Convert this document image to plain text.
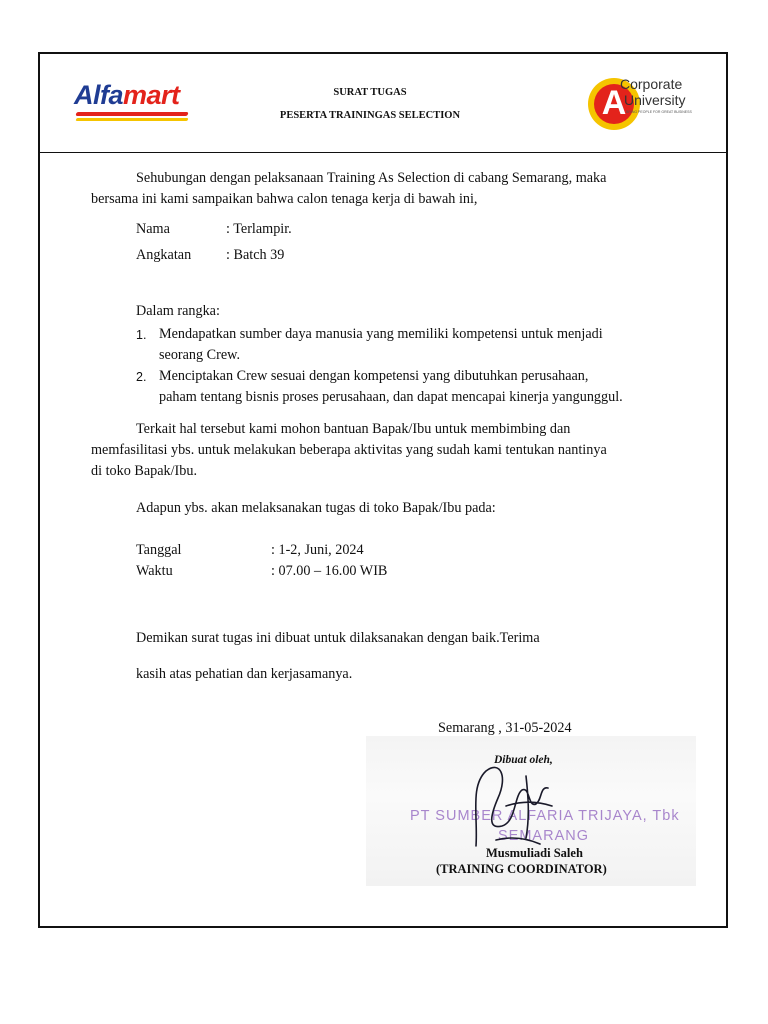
Alfamart	SURAT TUGAS
PESERTA TRAININGAS SELECTION	A
Corporate
University
BRING PEOPLE FOR GREAT BUSINESS
Sehubungan dengan pelaksanaan Training As Selection di cabang Semarang, maka
bersama ini kami sampaikan bahwa calon tenaga kerja di bawah ini,
Nama	: Terlampir.
Angkatan : Batch 39
Dalam rangka:
1. Mendapatkan sumber daya manusia yang memiliki kompetensi untuk menjadi
seorang Crew.
2. Menciptakan Crew sesuai dengan kompetensi yang dibutuhkan perusahaan,
paham tentang bisnis proses perusahaan, dan dapat mencapai kinerja yangunggul.
Terkait hal tersebut kami mohon bantuan Bapak/Ibu untuk membimbing dan
memfasilitasi ybs. untuk melakukan beberapa aktivitas yang sudah kami tentukan nantinya
di toko Bapak/Ibu.
Adapun ybs. akan melaksanakan tugas di toko Bapak/Ibu pada:
Tanggal	: 1-2, Juni, 2024
Waktu	: 07.00 – 16.00 WIB
Demikan surat tugas ini dibuat untuk dilaksanakan dengan baik.Terima
kasih atas pehatian dan kerjasamanya.
Semarang , 31-05-2024
Dibuat oleh,
PT SUMBER ALFARIA TRIJAYA, Tbk
SEMARANG
Musmuliadi Saleh
(TRAINING COORDINATOR)
